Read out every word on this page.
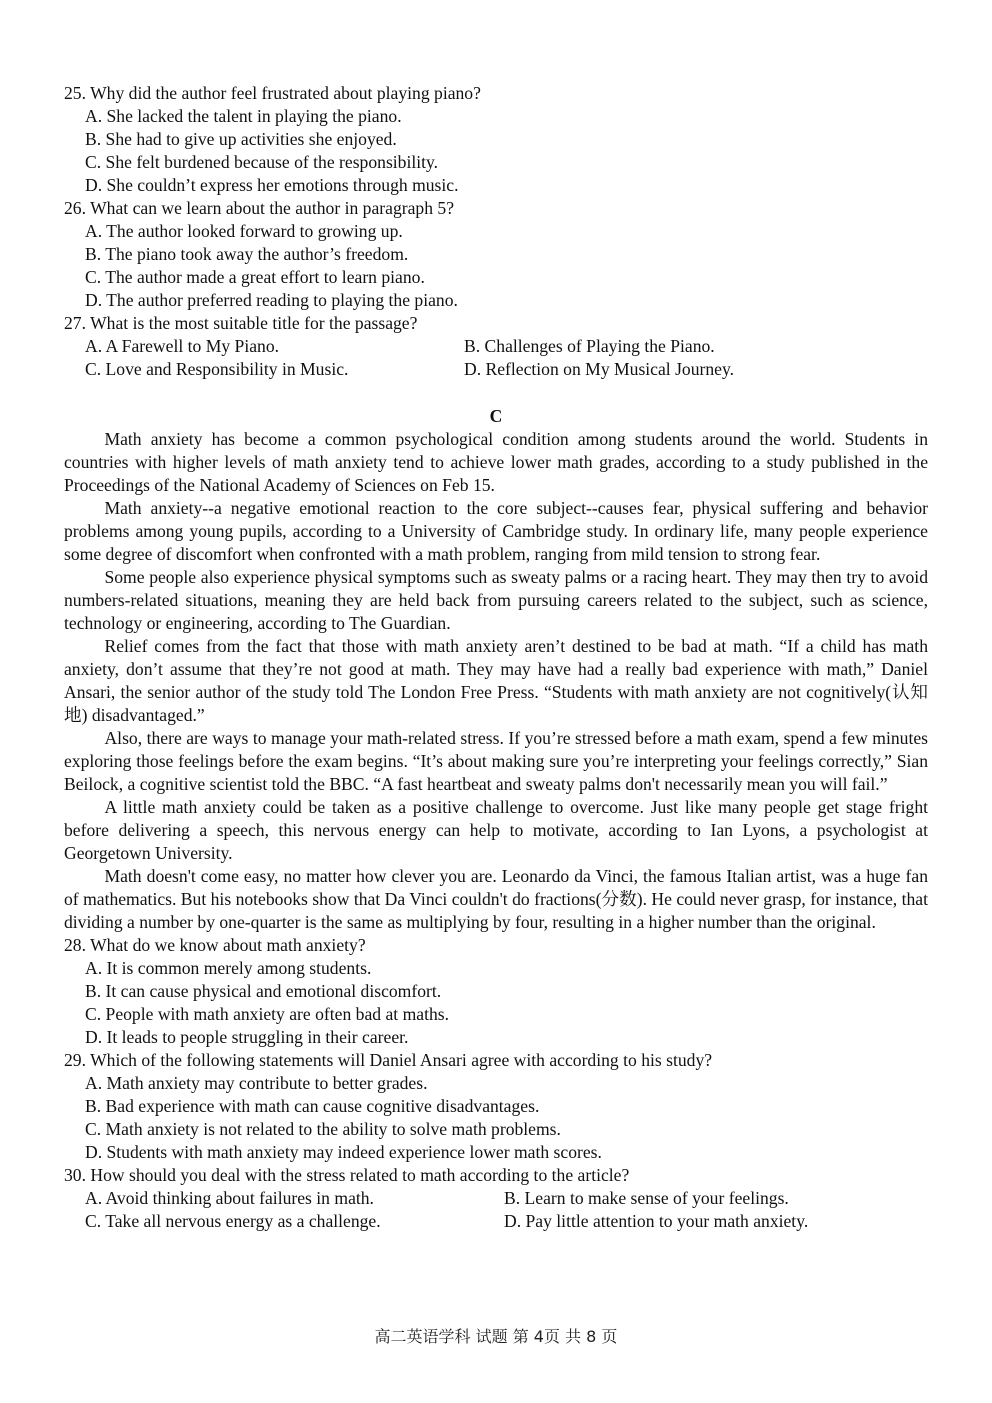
25. Why did the author feel frustrated about playing piano?
A. She lacked the talent in playing the piano.
B. She had to give up activities she enjoyed.
C. She felt burdened because of the responsibility.
D. She couldn’t express her emotions through music.
26. What can we learn about the author in paragraph 5?
A. The author looked forward to growing up.
B. The piano took away the author’s freedom.
C. The author made a great effort to learn piano.
D. The author preferred reading to playing the piano.
27. What is the most suitable title for the passage?
A. A Farewell to My Piano.	B. Challenges of Playing the Piano.
C. Love and Responsibility in Music.	D. Reflection on My Musical Journey.
C

Math anxiety has become a common psychological condition among students around the world. Students in countries with higher levels of math anxiety tend to achieve lower math grades, according to a study published in the Proceedings of the National Academy of Sciences on Feb 15.

Math anxiety--a negative emotional reaction to the core subject--causes fear, physical suffering and behavior problems among young pupils, according to a University of Cambridge study. In ordinary life, many people experience some degree of discomfort when confronted with a math problem, ranging from mild tension to strong fear.

Some people also experience physical symptoms such as sweaty palms or a racing heart. They may then try to avoid numbers-related situations, meaning they are held back from pursuing careers related to the subject, such as science, technology or engineering, according to The Guardian.

Relief comes from the fact that those with math anxiety aren’t destined to be bad at math. “If a child has math anxiety, don’t assume that they’re not good at math. They may have had a really bad experience with math,” Daniel Ansari, the senior author of the study told The London Free Press. “Students with math anxiety are not cognitively(认知地) disadvantaged.”

Also, there are ways to manage your math-related stress. If you’re stressed before a math exam, spend a few minutes exploring those feelings before the exam begins. “It’s about making sure you’re interpreting your feelings correctly,” Sian Beilock, a cognitive scientist told the BBC. “A fast heartbeat and sweaty palms don't necessarily mean you will fail.”

A little math anxiety could be taken as a positive challenge to overcome. Just like many people get stage fright before delivering a speech, this nervous energy can help to motivate, according to Ian Lyons, a psychologist at Georgetown University.

Math doesn't come easy, no matter how clever you are. Leonardo da Vinci, the famous Italian artist, was a huge fan of mathematics. But his notebooks show that Da Vinci couldn't do fractions(分数). He could never grasp, for instance, that dividing a number by one-quarter is the same as multiplying by four, resulting in a higher number than the original.

28. What do we know about math anxiety?
A. It is common merely among students.
B. It can cause physical and emotional discomfort.
C. People with math anxiety are often bad at maths.
D. It leads to people struggling in their career.
29. Which of the following statements will Daniel Ansari agree with according to his study?
A. Math anxiety may contribute to better grades.
B. Bad experience with math can cause cognitive disadvantages.
C. Math anxiety is not related to the ability to solve math problems.
D. Students with math anxiety may indeed experience lower math scores.
30. How should you deal with the stress related to math according to the article?
A. Avoid thinking about failures in math.	B. Learn to make sense of your feelings.
C. Take all nervous energy as a challenge.	D. Pay little attention to your math anxiety.
高二英语学科 试题 第 4页 共 8 页
